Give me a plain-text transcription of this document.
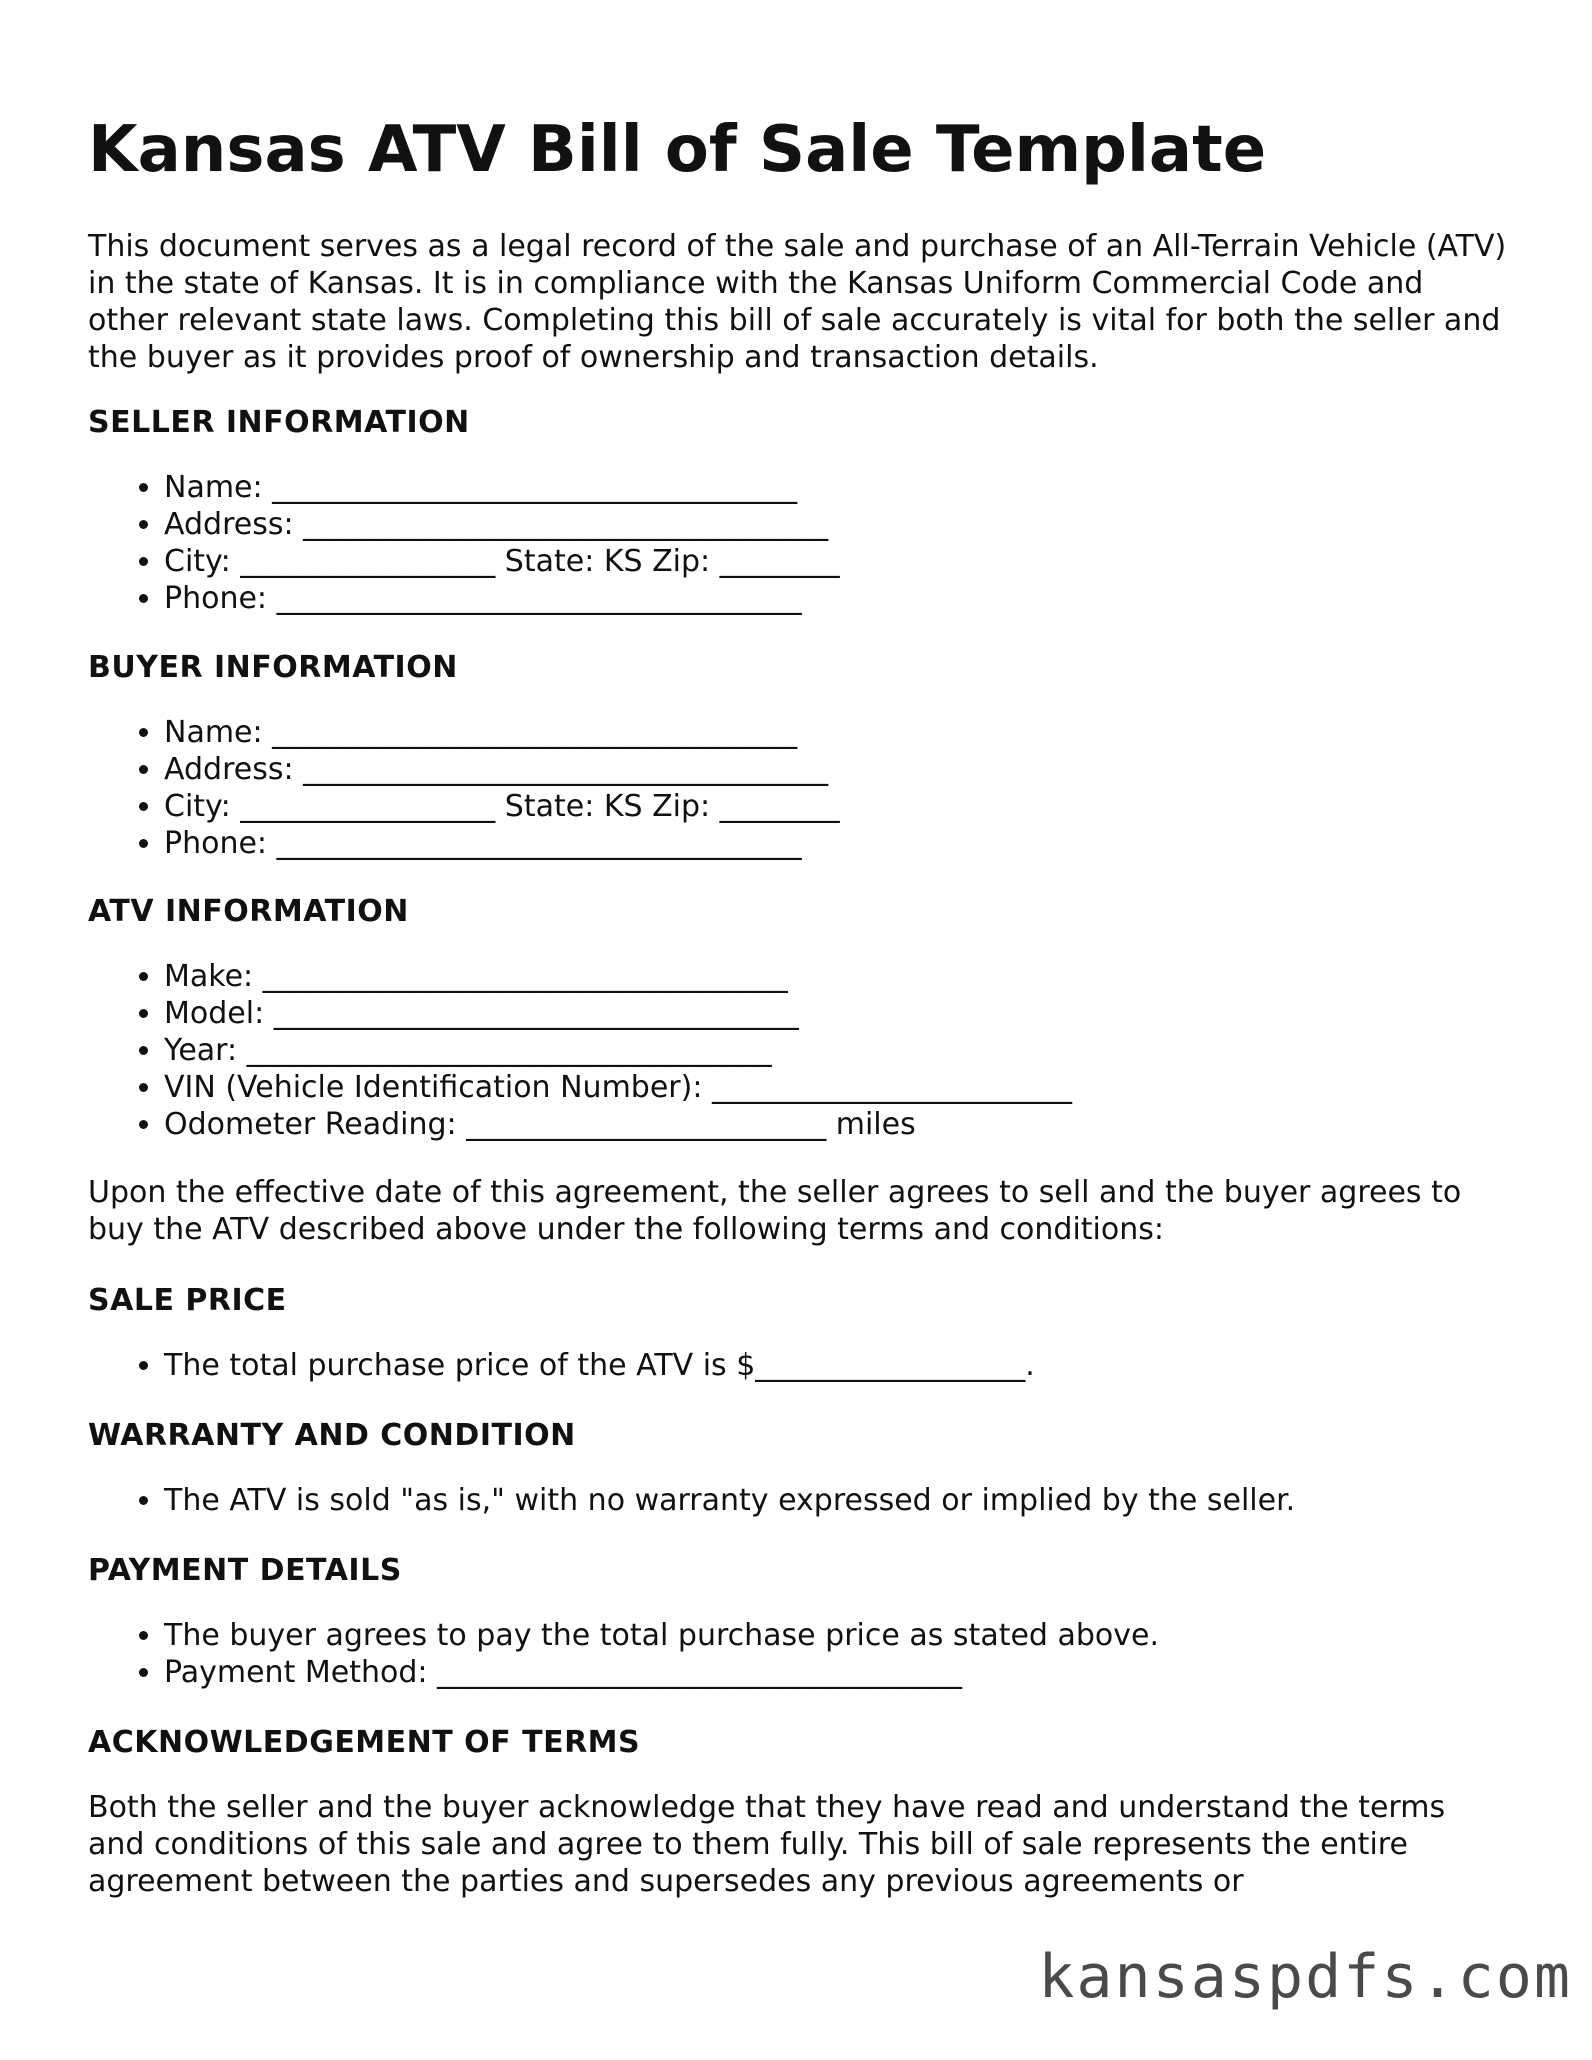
Kansas ATV Bill of Sale Template

This document serves as a legal record of the sale and purchase of an All-Terrain Vehicle (ATV) in the state of Kansas. It is in compliance with the Kansas Uniform Commercial Code and other relevant state laws. Completing this bill of sale accurately is vital for both the seller and the buyer as it provides proof of ownership and transaction details.

SELLER INFORMATION
• Name: ___________________________________
• Address: ___________________________________
• City: _________________ State: KS Zip: ________
• Phone: ___________________________________
BUYER INFORMATION
• Name: ___________________________________
• Address: ___________________________________
• City: _________________ State: KS Zip: ________
• Phone: ___________________________________
ATV INFORMATION
• Make: ___________________________________
• Model: ___________________________________
• Year: ___________________________________
• VIN (Vehicle Identification Number): ________________________
• Odometer Reading: ________________________ miles

Upon the effective date of this agreement, the seller agrees to sell and the buyer agrees to buy the ATV described above under the following terms and conditions:

SALE PRICE
• The total purchase price of the ATV is $__________________.
WARRANTY AND CONDITION
• The ATV is sold "as is," with no warranty expressed or implied by the seller.
PAYMENT DETAILS
• The buyer agrees to pay the total purchase price as stated above.
• Payment Method: ___________________________________
ACKNOWLEDGEMENT OF TERMS

Both the seller and the buyer acknowledge that they have read and understand the terms and conditions of this sale and agree to them fully. This bill of sale represents the entire agreement between the parties and supersedes any previous agreements or

kansaspdfs.com
